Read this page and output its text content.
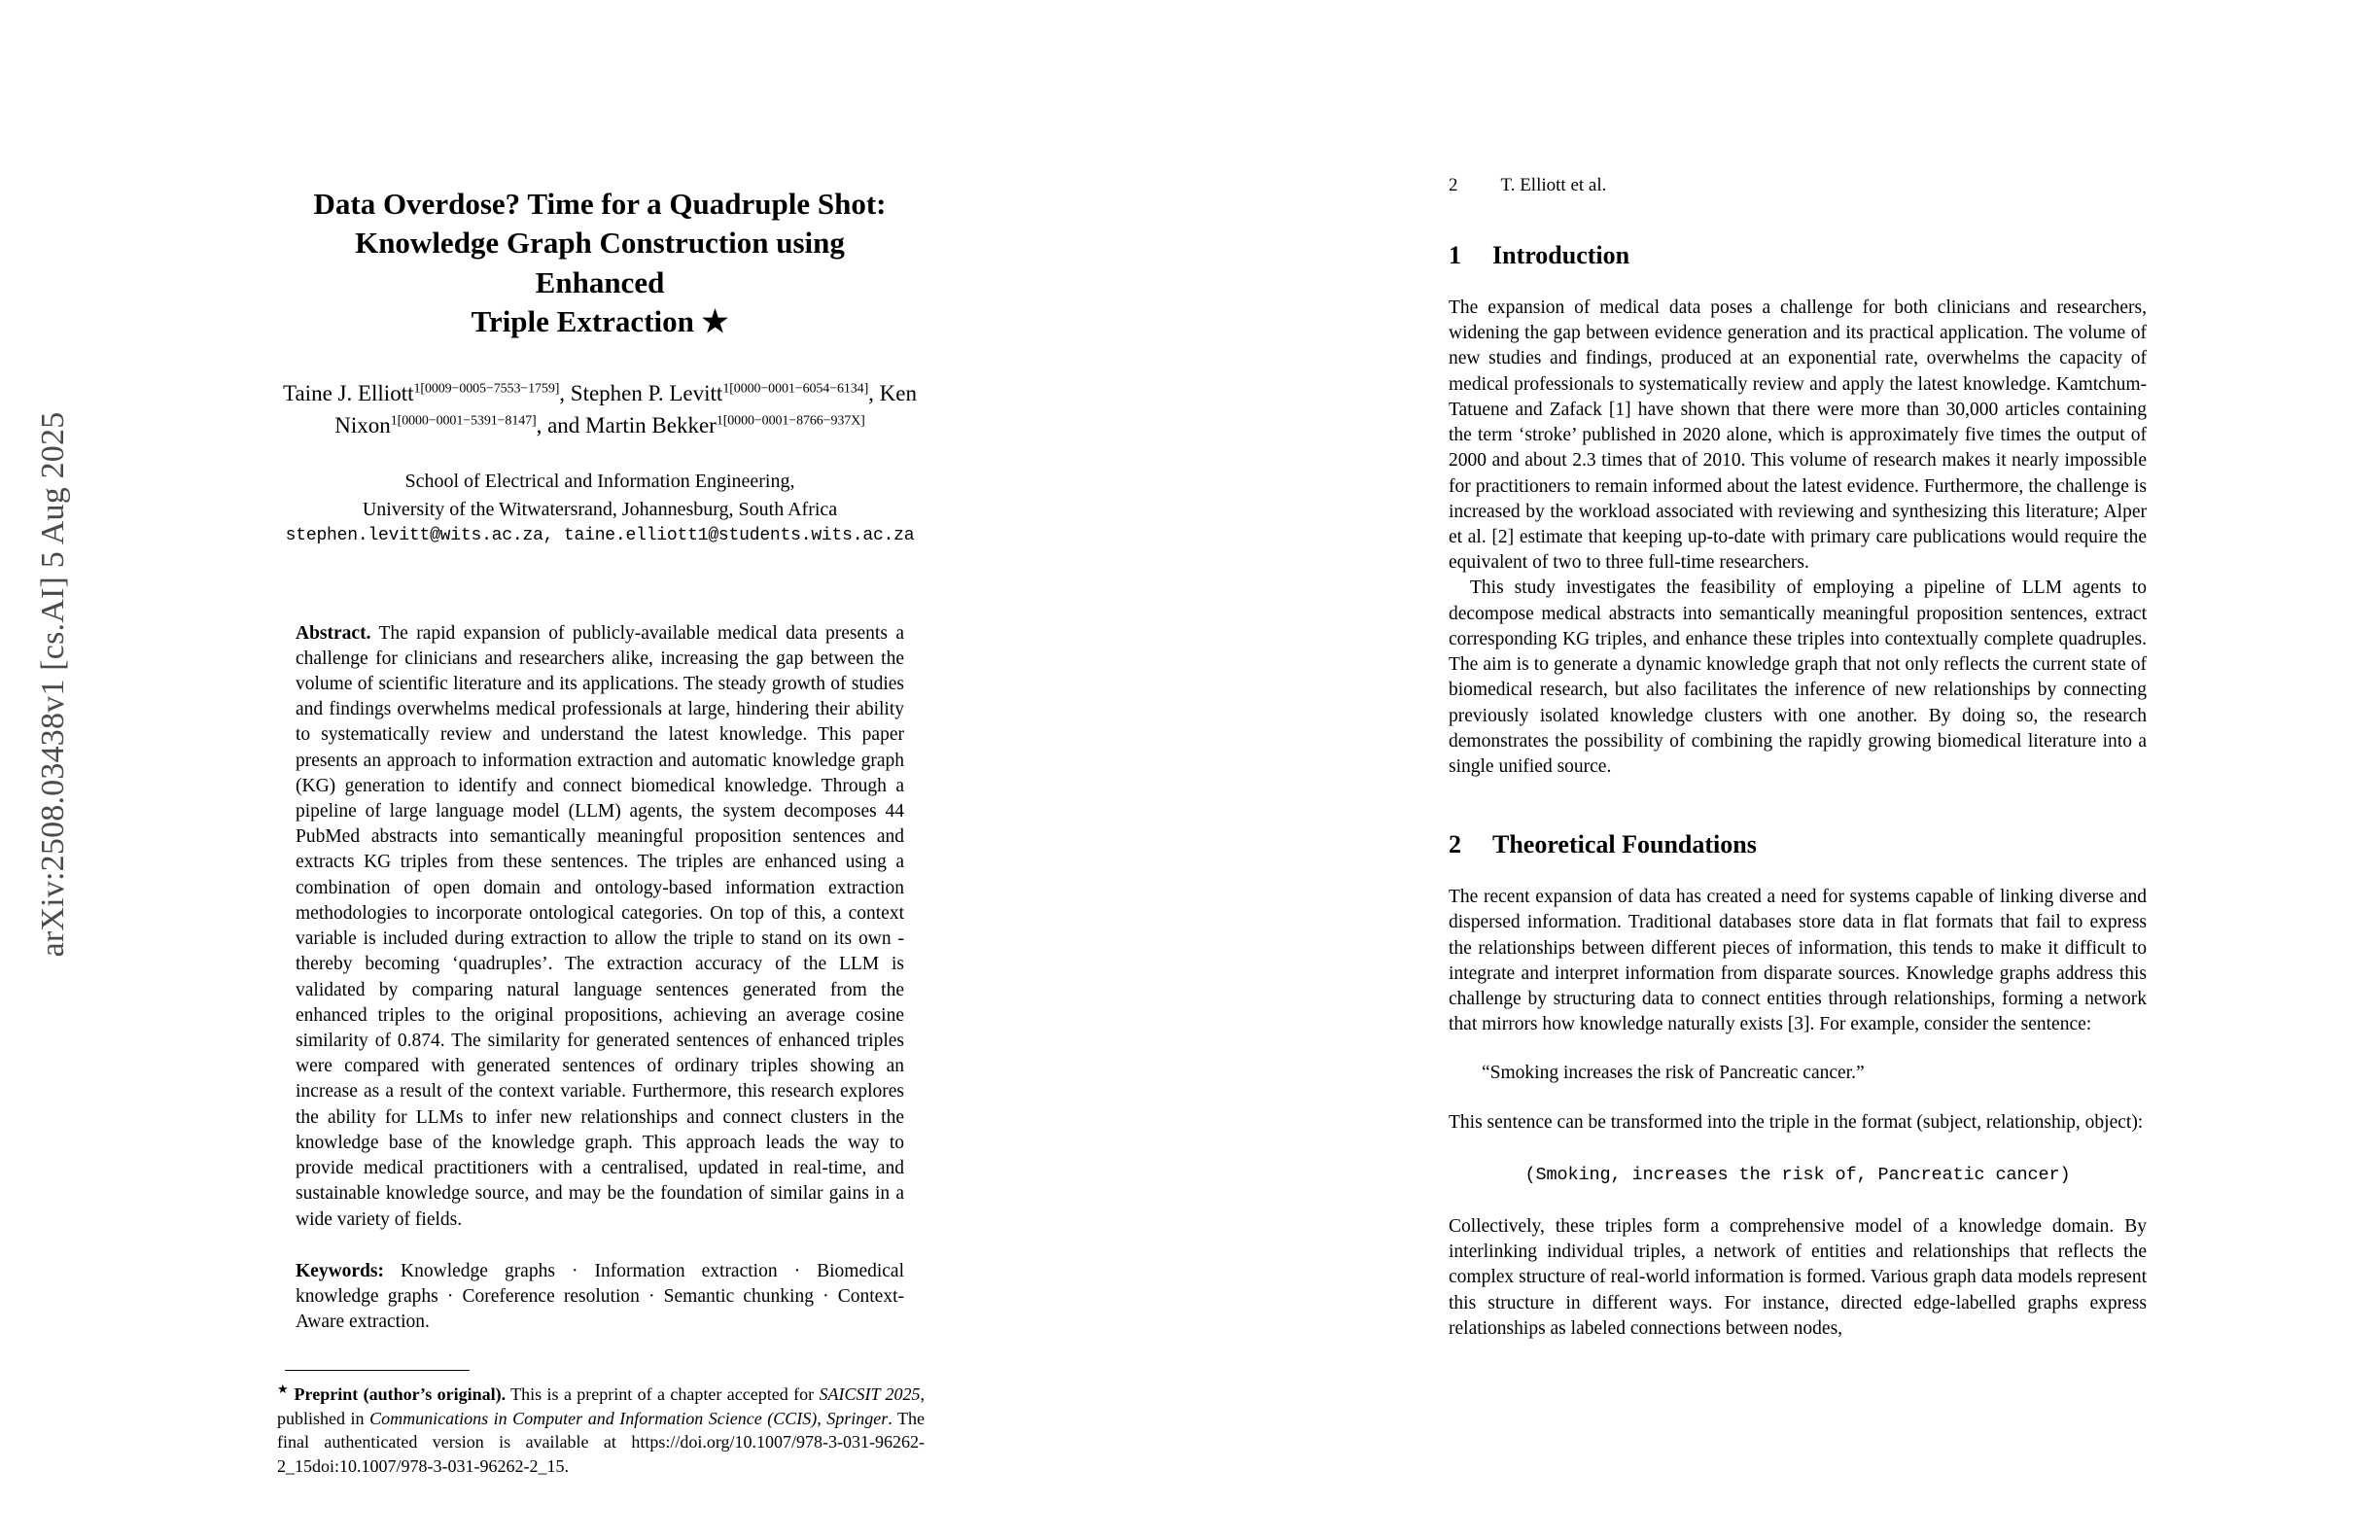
arXiv:2508.03438v1 [cs.AI] 5 Aug 2025
Data Overdose? Time for a Quadruple Shot:
Knowledge Graph Construction using Enhanced
Triple Extraction ★
Taine J. Elliott$^{1[0009-0005-7553-1759]}$, Stephen P. Levitt$^{1[0000-0001-6054-6134]}$, Ken Nixon$^{1[0000-0001-5391-8147]}$, and Martin Bekker$^{1[0000-0001-8766-937X]}$
School of Electrical and Information Engineering,
University of the Witwatersrand, Johannesburg, South Africa
stephen.levitt@wits.ac.za, taine.elliott1@students.wits.ac.za
Abstract. The rapid expansion of publicly-available medical data presents a challenge for clinicians and researchers alike, increasing the gap between the volume of scientific literature and its applications. The steady growth of studies and findings overwhelms medical professionals at large, hindering their ability to systematically review and understand the latest knowledge. This paper presents an approach to information extraction and automatic knowledge graph (KG) generation to identify and connect biomedical knowledge. Through a pipeline of large language model (LLM) agents, the system decomposes 44 PubMed abstracts into semantically meaningful proposition sentences and extracts KG triples from these sentences. The triples are enhanced using a combination of open domain and ontology-based information extraction methodologies to incorporate ontological categories. On top of this, a context variable is included during extraction to allow the triple to stand on its own - thereby becoming ‘quadruples’. The extraction accuracy of the LLM is validated by comparing natural language sentences generated from the enhanced triples to the original propositions, achieving an average cosine similarity of 0.874. The similarity for generated sentences of enhanced triples were compared with generated sentences of ordinary triples showing an increase as a result of the context variable. Furthermore, this research explores the ability for LLMs to infer new relationships and connect clusters in the knowledge base of the knowledge graph. This approach leads the way to provide medical practitioners with a centralised, updated in real-time, and sustainable knowledge source, and may be the foundation of similar gains in a wide variety of fields.
Keywords: Knowledge graphs · Information extraction · Biomedical knowledge graphs · Coreference resolution · Semantic chunking · Context-Aware extraction.
★ Preprint (author’s original). This is a preprint of a chapter accepted for SAICSIT 2025, published in Communications in Computer and Information Science (CCIS), Springer. The final authenticated version is available at https://doi.org/10.1007/978-3-031-96262-2_15doi:10.1007/978-3-031-96262-2_15.
2 T. Elliott et al.
1	Introduction

The expansion of medical data poses a challenge for both clinicians and researchers, widening the gap between evidence generation and its practical application. The volume of new studies and findings, produced at an exponential rate, overwhelms the capacity of medical professionals to systematically review and apply the latest knowledge. Kamtchum-Tatuene and Zafack [1] have shown that there were more than 30,000 articles containing the term ‘stroke’ published in 2020 alone, which is approximately five times the output of 2000 and about 2.3 times that of 2010. This volume of research makes it nearly impossible for practitioners to remain informed about the latest evidence. Furthermore, the challenge is increased by the workload associated with reviewing and synthesizing this literature; Alper et al. [2] estimate that keeping up-to-date with primary care publications would require the equivalent of two to three full-time researchers.

This study investigates the feasibility of employing a pipeline of LLM agents to decompose medical abstracts into semantically meaningful proposition sentences, extract corresponding KG triples, and enhance these triples into contextually complete quadruples. The aim is to generate a dynamic knowledge graph that not only reflects the current state of biomedical research, but also facilitates the inference of new relationships by connecting previously isolated knowledge clusters with one another. By doing so, the research demonstrates the possibility of combining the rapidly growing biomedical literature into a single unified source.

2	Theoretical Foundations

The recent expansion of data has created a need for systems capable of linking diverse and dispersed information. Traditional databases store data in flat formats that fail to express the relationships between different pieces of information, this tends to make it difficult to integrate and interpret information from disparate sources. Knowledge graphs address this challenge by structuring data to connect entities through relationships, forming a network that mirrors how knowledge naturally exists [3]. For example, consider the sentence:

“Smoking increases the risk of Pancreatic cancer.”

This sentence can be transformed into the triple in the format (subject, relationship, object):

(Smoking, increases the risk of, Pancreatic cancer)

Collectively, these triples form a comprehensive model of a knowledge domain. By interlinking individual triples, a network of entities and relationships that reflects the complex structure of real-world information is formed. Various graph data models represent this structure in different ways. For instance, directed edge-labelled graphs express relationships as labeled connections between nodes,
